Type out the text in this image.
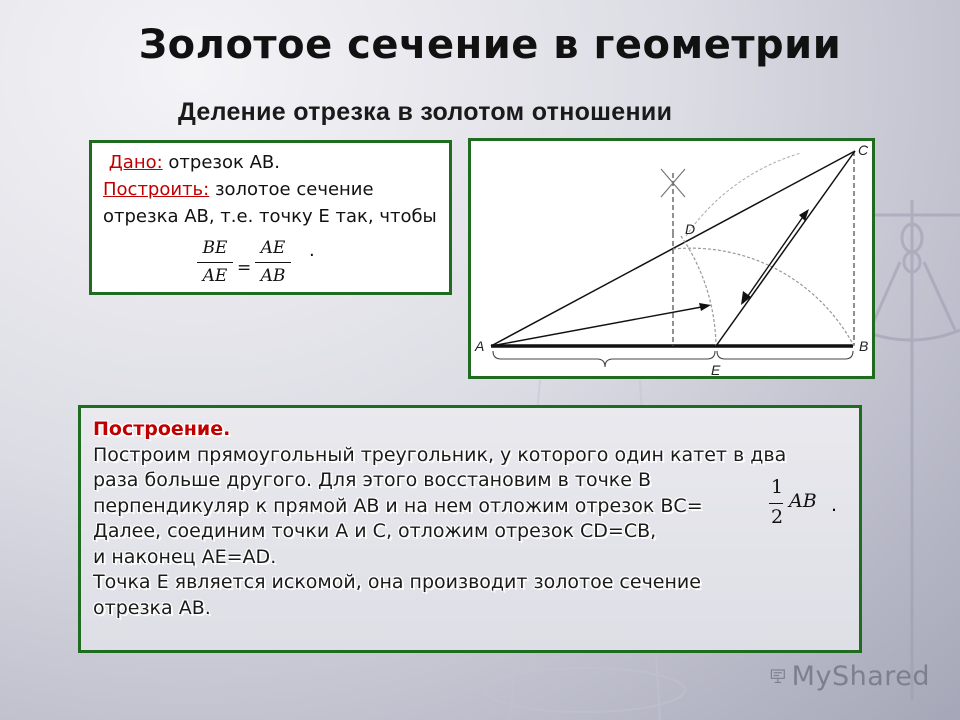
Золотое сечение в геометрии
Деление отрезка в золотом отношении
Дано: отрезок АВ.
Построить: золотое сечение отрезка АВ, т.е. точку Е так, чтобы
BE
AE =
AE
AB
.
A	B
C
D
E
Построение.
Построим прямоугольный треугольник, у которого один катет в два
раза больше другого. Для этого восстановим в точке В
перпендикуляр к прямой АВ и на нем отложим отрезок ВС=
Далее, соединим точки А и С, отложим отрезок CD=CB,
и наконец АЕ=AD.
Точка Е является искомой, она производит золотое сечение
отрезка АВ.
1
2
AB .
MyShared
